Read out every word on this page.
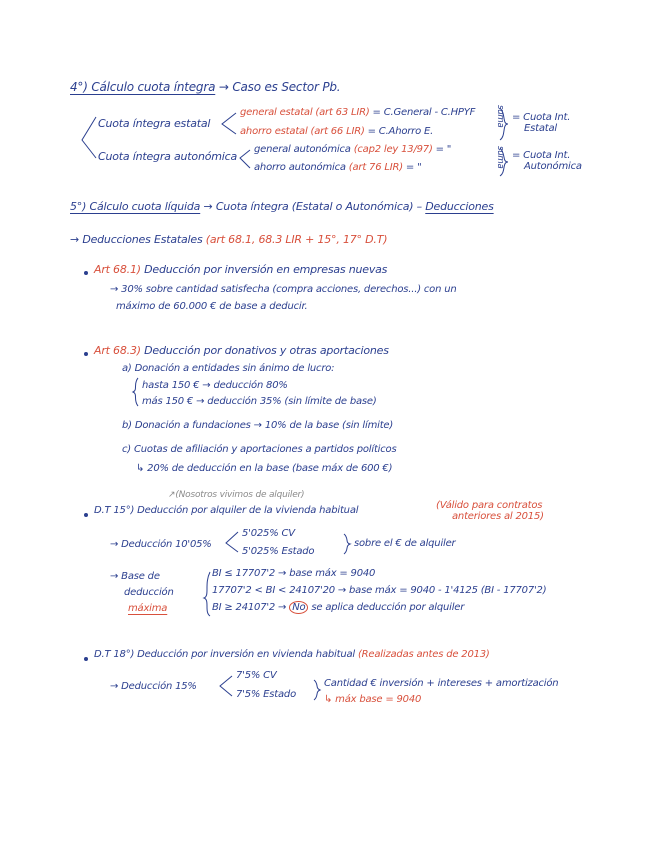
4°) Cálculo cuota íntegra → Caso es Sector Pb.
Cuota íntegra estatal
general estatal (art 63 LIR) = C.General - C.HPYF
ahorro estatal (art 66 LIR) = C.Ahorro E.
suma = Cuota Int.
Estatal
Cuota íntegra autonómica
general autonómica (cap2 ley 13/97) = "
ahorro autonómica (art 76 LIR) = "	suma = Cuota Int.
Autonómica
5°) Cálculo cuota líquida → Cuota íntegra (Estatal o Autonómica) – Deducciones
→ Deducciones Estatales (art 68.1, 68.3 LIR + 15°, 17° D.T)
Art 68.1) Deducción por inversión en empresas nuevas
→ 30% sobre cantidad satisfecha (compra acciones, derechos...) con un
máximo de 60.000 € de base a deducir.
Art 68.3) Deducción por donativos y otras aportaciones
a) Donación a entidades sin ánimo de lucro:
hasta 150 € → deducción 80%
más 150 € → deducción 35% (sin límite de base)
b) Donación a fundaciones → 10% de la base (sin límite)
c) Cuotas de afiliación y aportaciones a partidos políticos
↳ 20% de deducción en la base (base máx de 600 €)
↗(Nosotros vivimos de alquiler)
D.T 15°) Deducción por alquiler de la vivienda habitual	(Válido para contratos
anteriores al 2015)
→ Deducción 10'05%
5'025% CV
5'025% Estado
sobre el € de alquiler
→ Base de
deducción
máxima
BI ≤ 17707'2 → base máx = 9040
17707'2 < BI < 24107'20 → base máx = 9040 - 1'4125 (BI - 17707'2)
BI ≥ 24107'2 → No se aplica deducción por alquiler
D.T 18°) Deducción por inversión en vivienda habitual (Realizadas antes de 2013)
→ Deducción 15%
7'5% CV
7'5% Estado
Cantidad € inversión + intereses + amortización
↳ máx base = 9040
